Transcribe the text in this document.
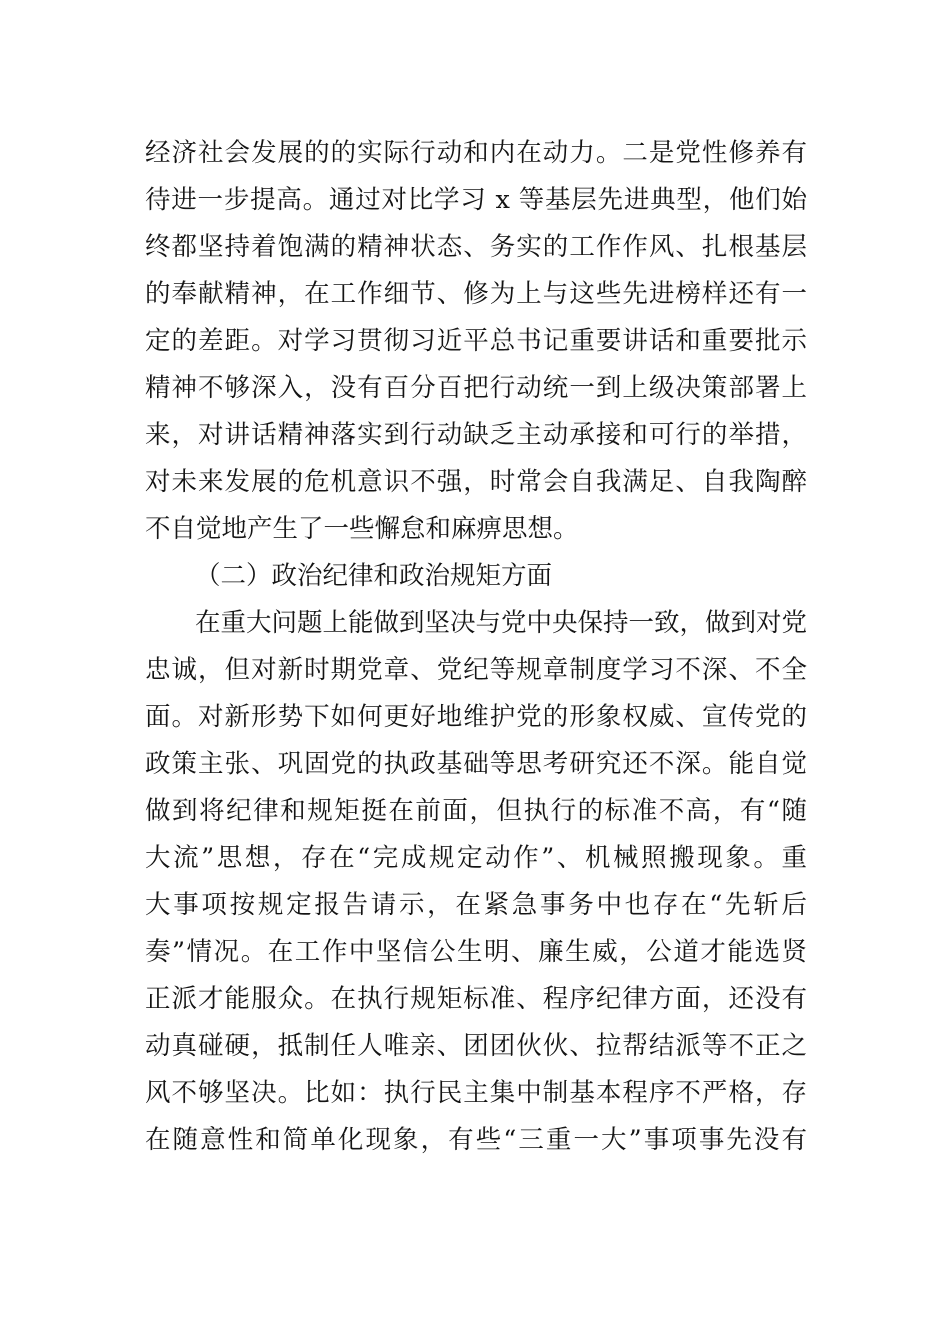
经济社会发展的的实际行动和内在动力。二是党性修养有
待进一步提高。通过对比学习 x 等基层先进典型，他们始
终都坚持着饱满的精神状态、务实的工作作风、扎根基层
的奉献精神，在工作细节、修为上与这些先进榜样还有一
定的差距。对学习贯彻习近平总书记重要讲话和重要批示
精神不够深入，没有百分百把行动统一到上级决策部署上
来，对讲话精神落实到行动缺乏主动承接和可行的举措，
对未来发展的危机意识不强，时常会自我满足、自我陶醉
不自觉地产生了一些懈怠和麻痹思想。
（二）政治纪律和政治规矩方面
在重大问题上能做到坚决与党中央保持一致，做到对党
忠诚，但对新时期党章、党纪等规章制度学习不深、不全
面。对新形势下如何更好地维护党的形象权威、宣传党的
政策主张、巩固党的执政基础等思考研究还不深。能自觉
做到将纪律和规矩挺在前面，但执行的标准不高，有“随
大流”思想，存在“完成规定动作”、机械照搬现象。重
大事项按规定报告请示，在紧急事务中也存在“先斩后
奏”情况。在工作中坚信公生明、廉生威，公道才能选贤
正派才能服众。在执行规矩标准、程序纪律方面，还没有
动真碰硬，抵制任人唯亲、团团伙伙、拉帮结派等不正之
风不够坚决。比如：执行民主集中制基本程序不严格，存
在随意性和简单化现象，有些“三重一大”事项事先没有
